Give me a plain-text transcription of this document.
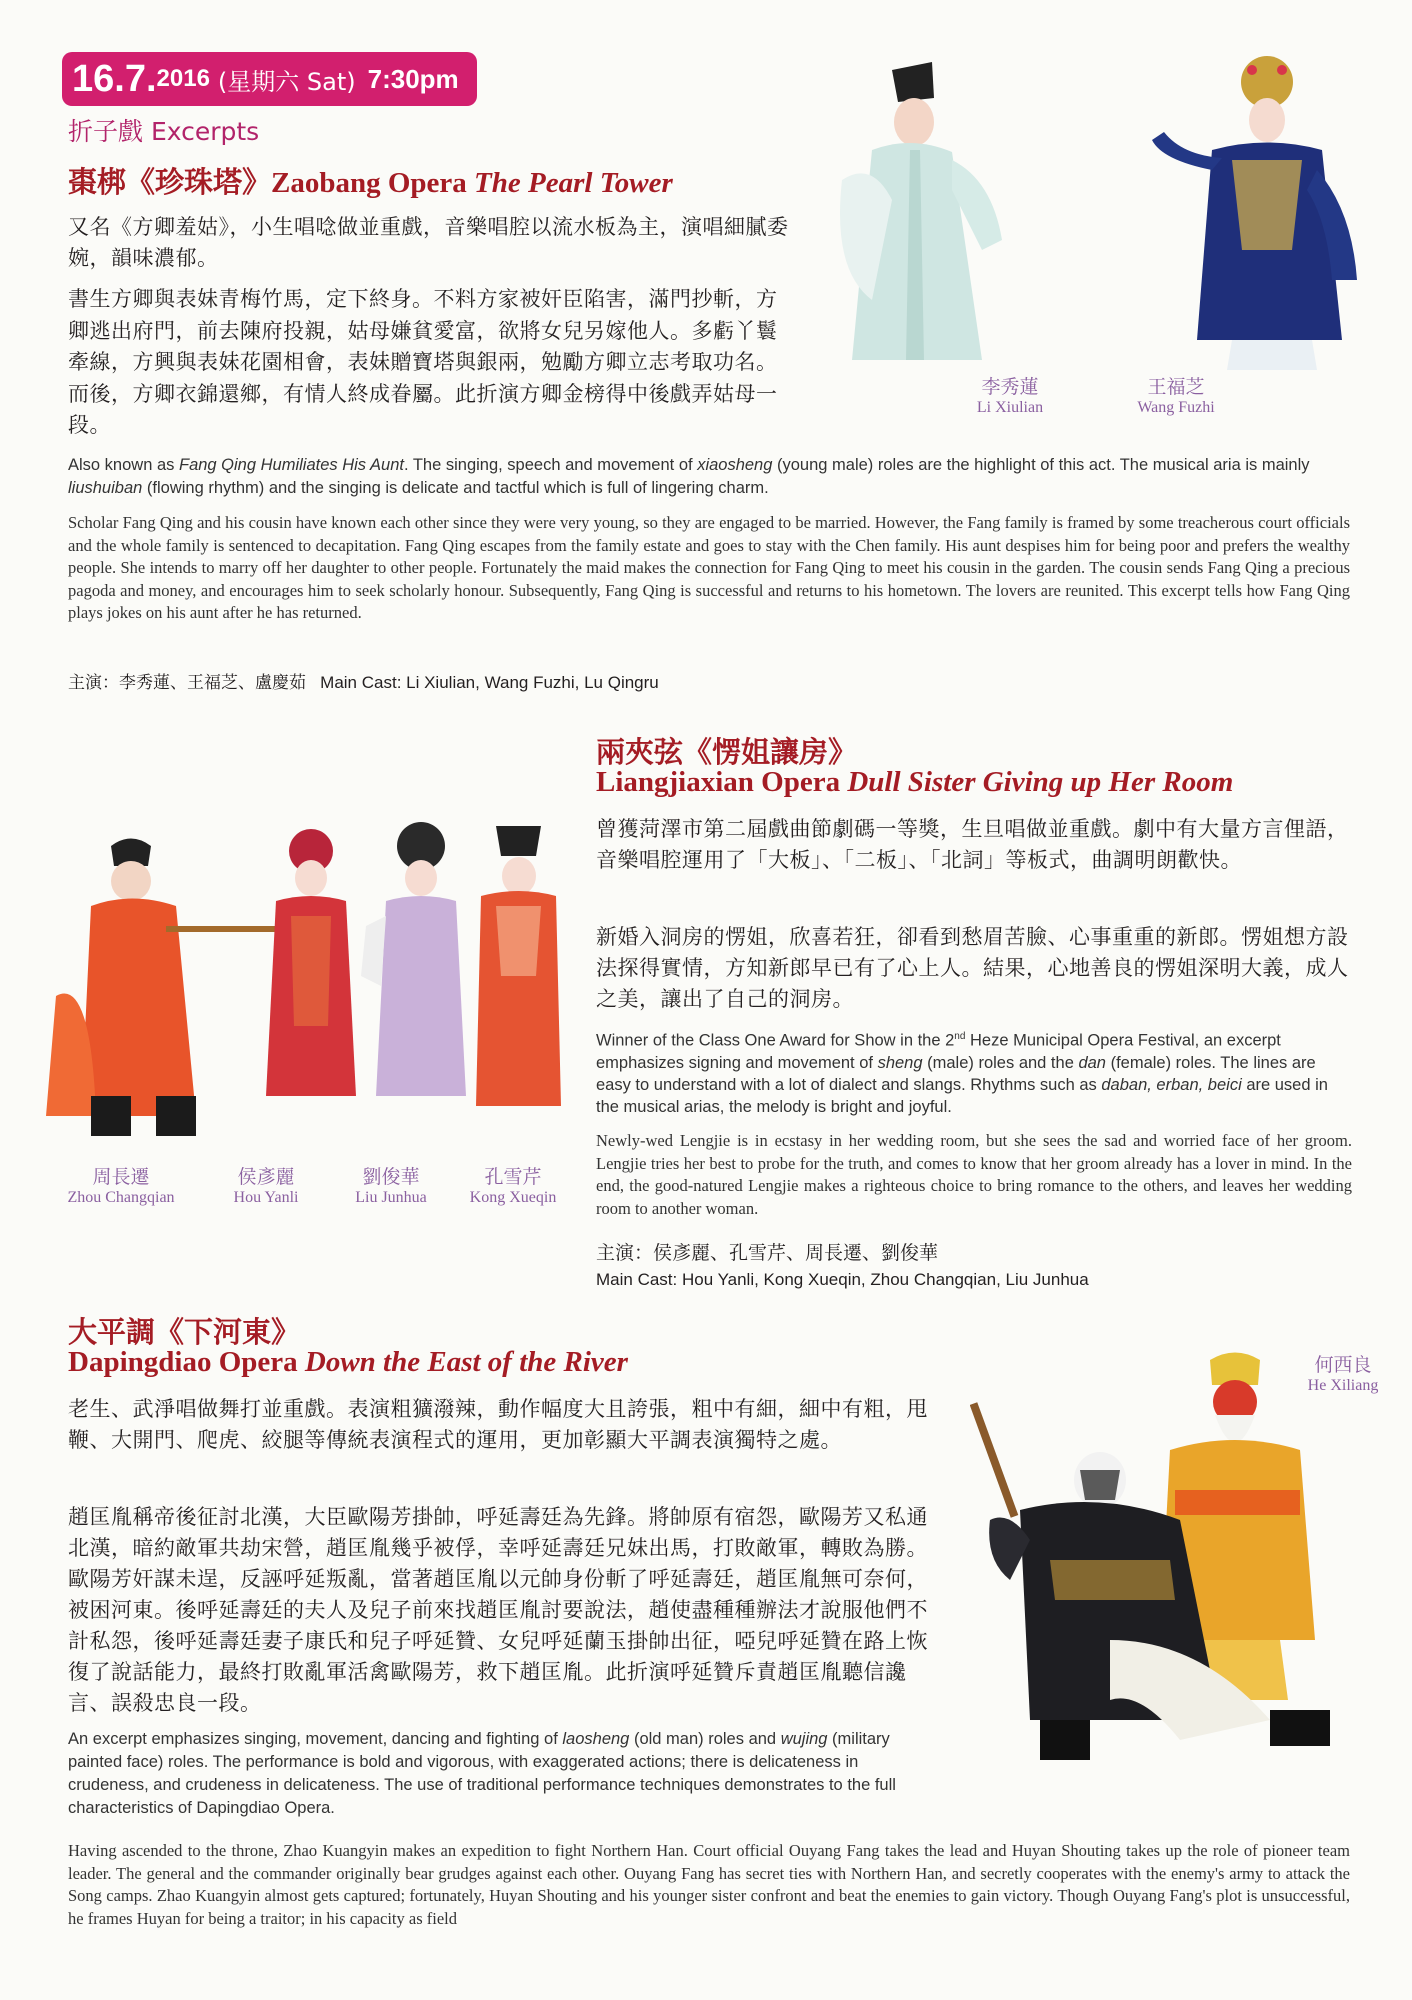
16.7. 2016 (星期六 Sat) 7:30pm
折子戲 Excerpts
棗梆《珍珠塔》Zaobang Opera The Pearl Tower
又名《方卿羞姑》，小生唱唸做並重戲，音樂唱腔以流水板為主，演唱細膩委婉，韻味濃郁。
書生方卿與表妹青梅竹馬，定下終身。不料方家被奸臣陷害，滿門抄斬，方卿逃出府門，前去陳府投親，姑母嫌貧愛富，欲將女兒另嫁他人。多虧丫鬟牽線，方興與表妹花園相會，表妹贈寶塔與銀兩，勉勵方卿立志考取功名。而後，方卿衣錦還鄉，有情人終成眷屬。此折演方卿金榜得中後戲弄姑母一段。
李秀蓮
Li Xiulian
王福芝
Wang Fuzhi
Also known as Fang Qing Humiliates His Aunt. The singing, speech and movement of xiaosheng (young male) roles are the highlight of this act. The musical aria is mainly liushuiban (flowing rhythm) and the singing is delicate and tactful which is full of lingering charm.
Scholar Fang Qing and his cousin have known each other since they were very young, so they are engaged to be married. However, the Fang family is framed by some treacherous court officials and the whole family is sentenced to decapitation. Fang Qing escapes from the family estate and goes to stay with the Chen family. His aunt despises him for being poor and prefers the wealthy people. She intends to marry off her daughter to other people. Fortunately the maid makes the connection for Fang Qing to meet his cousin in the garden. The cousin sends Fang Qing a precious pagoda and money, and encourages him to seek scholarly honour. Subsequently, Fang Qing is successful and returns to his hometown. The lovers are reunited. This excerpt tells how Fang Qing plays jokes on his aunt after he has returned.
主演：李秀蓮、王福芝、盧慶茹   Main Cast: Li Xiulian, Wang Fuzhi, Lu Qingru
兩夾弦《愣姐讓房》
Liangjiaxian Opera Dull Sister Giving up Her Room
曾獲菏澤市第二屆戲曲節劇碼一等獎，生旦唱做並重戲。劇中有大量方言俚語，音樂唱腔運用了「大板」、「二板」、「北詞」等板式，曲調明朗歡快。
新婚入洞房的愣姐，欣喜若狂，卻看到愁眉苦臉、心事重重的新郎。愣姐想方設法探得實情，方知新郎早已有了心上人。結果，心地善良的愣姐深明大義，成人之美，讓出了自己的洞房。
Winner of the Class One Award for Show in the 2nd Heze Municipal Opera Festival, an excerpt emphasizes signing and movement of sheng (male) roles and the dan (female) roles. The lines are easy to understand with a lot of dialect and slangs. Rhythms such as daban, erban, beici are used in the musical arias, the melody is bright and joyful.
Newly-wed Lengjie is in ecstasy in her wedding room, but she sees the sad and worried face of her groom. Lengjie tries her best to probe for the truth, and comes to know that her groom already has a lover in mind. In the end, the good-natured Lengjie makes a righteous choice to bring romance to the others, and leaves her wedding room to another woman.
主演：侯彥麗、孔雪芹、周長遷、劉俊華
Main Cast: Hou Yanli, Kong Xueqin, Zhou Changqian, Liu Junhua
周長遷
Zhou Changqian
侯彥麗
Hou Yanli
劉俊華
Liu Junhua
孔雪芹
Kong Xueqin
大平調《下河東》
Dapingdiao Opera Down the East of the River
老生、武淨唱做舞打並重戲。表演粗獷潑辣，動作幅度大且誇張，粗中有細，細中有粗，甩鞭、大開門、爬虎、絞腿等傳統表演程式的運用，更加彰顯大平調表演獨特之處。
趙匡胤稱帝後征討北漢，大臣歐陽芳掛帥，呼延壽廷為先鋒。將帥原有宿怨，歐陽芳又私通北漢，暗約敵軍共劫宋營，趙匡胤幾乎被俘，幸呼延壽廷兄妹出馬，打敗敵軍，轉敗為勝。歐陽芳奸謀未逞，反誣呼延叛亂，當著趙匡胤以元帥身份斬了呼延壽廷，趙匡胤無可奈何，被困河東。後呼延壽廷的夫人及兒子前來找趙匡胤討要說法，趙使盡種種辦法才說服他們不計私怨，後呼延壽廷妻子康氏和兒子呼延贊、女兒呼延蘭玉掛帥出征，啞兒呼延贊在路上恢復了說話能力，最終打敗亂軍活禽歐陽芳，救下趙匡胤。此折演呼延贊斥責趙匡胤聽信讒言、誤殺忠良一段。
An excerpt emphasizes singing, movement, dancing and fighting of laosheng (old man) roles and wujing (military painted face) roles. The performance is bold and vigorous, with exaggerated actions; there is delicateness in crudeness, and crudeness in delicateness. The use of traditional performance techniques demonstrates to the full characteristics of Dapingdiao Opera.
Having ascended to the throne, Zhao Kuangyin makes an expedition to fight Northern Han. Court official Ouyang Fang takes the lead and Huyan Shouting takes up the role of pioneer team leader. The general and the commander originally bear grudges against each other. Ouyang Fang has secret ties with Northern Han, and secretly cooperates with the enemy's army to attack the Song camps. Zhao Kuangyin almost gets captured; fortunately, Huyan Shouting and his younger sister confront and beat the enemies to gain victory. Though Ouyang Fang's plot is unsuccessful, he frames Huyan for being a traitor; in his capacity as field
何西良
He Xiliang
